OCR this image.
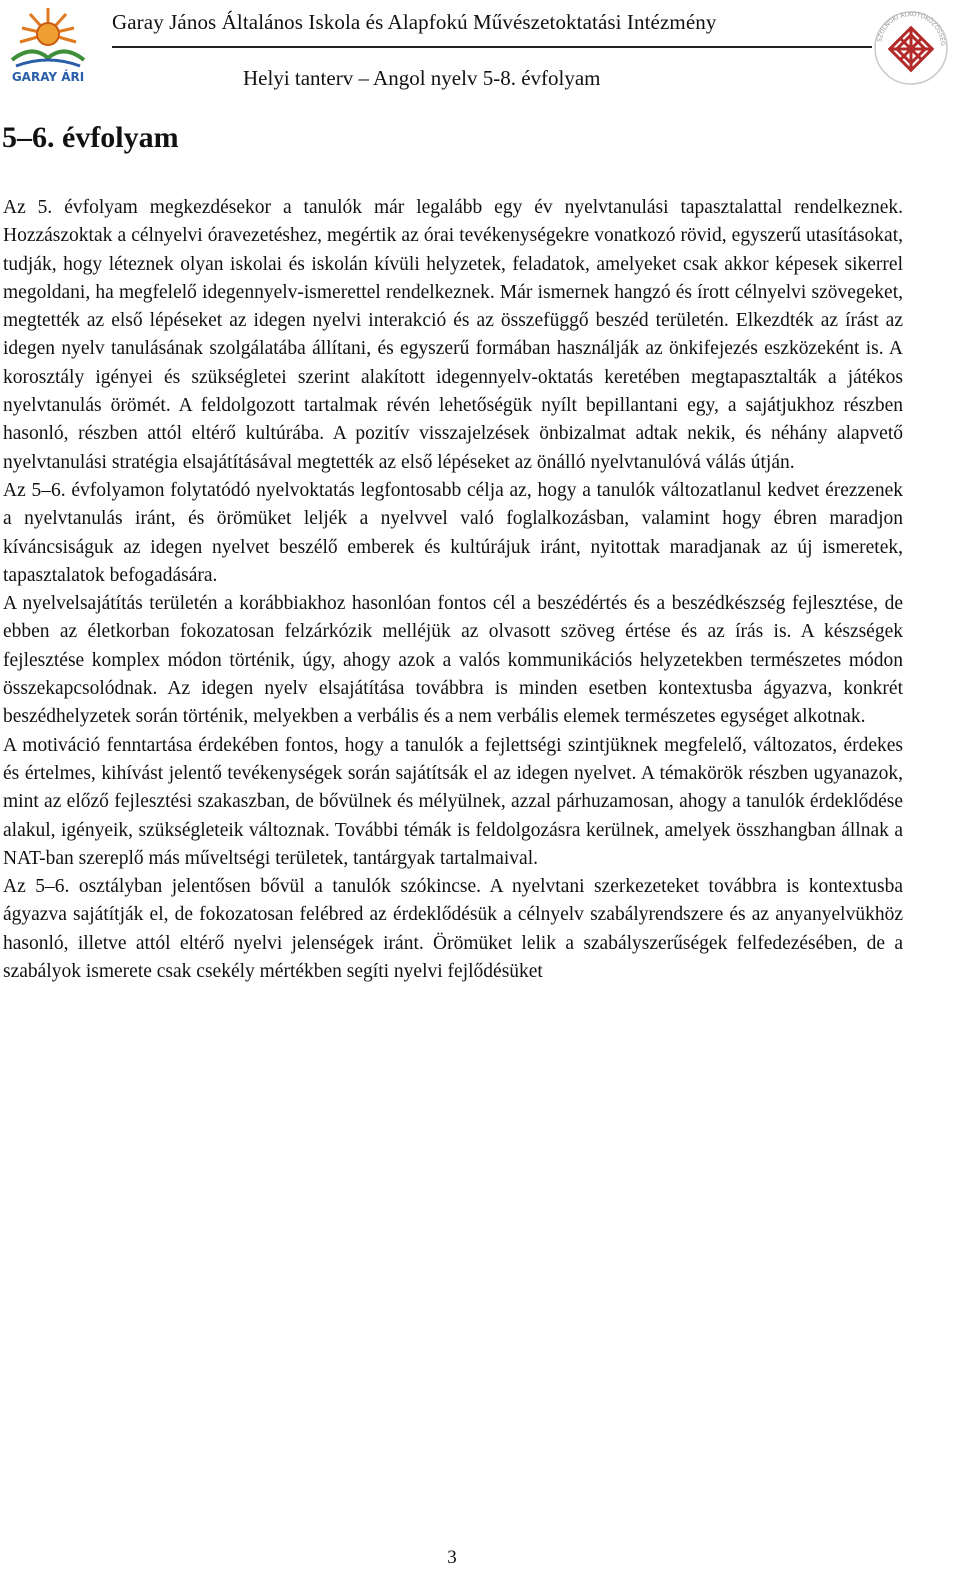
GARAY ÁRI
Garay János Általános Iskola és Alapfokú Művészetoktatási Intézmény
Helyi tanterv – Angol nyelv 5-8. évfolyam
SZOLNOKI ALKOTÓKÖZÖSSÉG
5–6. évfolyam

Az 5. évfolyam megkezdésekor a tanulók már legalább egy év nyelvtanulási tapasztalattal rendelkeznek. Hozzászoktak a célnyelvi óravezetéshez, megértik az órai tevékenységekre vonatkozó rövid, egyszerű utasításokat, tudják, hogy léteznek olyan iskolai és iskolán kívüli helyzetek, feladatok, amelyeket csak akkor képesek sikerrel megoldani, ha megfelelő idegennyelv-ismerettel rendelkeznek. Már ismernek hangzó és írott célnyelvi szövegeket, megtették az első lépéseket az idegen nyelvi interakció és az összefüggő beszéd területén. Elkezdték az írást az idegen nyelv tanulásának szolgálatába állítani, és egyszerű formában használják az önkifejezés eszközeként is. A korosztály igényei és szükségletei szerint alakított idegennyelv-oktatás keretében megtapasztalták a játékos nyelvtanulás örömét. A feldolgozott tartalmak révén lehetőségük nyílt bepillantani egy, a sajátjukhoz részben hasonló, részben attól eltérő kultúrába. A pozitív visszajelzések önbizalmat adtak nekik, és néhány alapvető nyelvtanulási stratégia elsajátításával megtették az első lépéseket az önálló nyelvtanulóvá válás útján.

Az 5–6. évfolyamon folytatódó nyelvoktatás legfontosabb célja az, hogy a tanulók változatlanul kedvet érezzenek a nyelvtanulás iránt, és örömüket leljék a nyelvvel való foglalkozásban, valamint hogy ébren maradjon kíváncsiságuk az idegen nyelvet beszélő emberek és kultúrájuk iránt, nyitottak maradjanak az új ismeretek, tapasztalatok befogadására.

A nyelvelsajátítás területén a korábbiakhoz hasonlóan fontos cél a beszédértés és a beszédkészség fejlesztése, de ebben az életkorban fokozatosan felzárkózik melléjük az olvasott szöveg értése és az írás is. A készségek fejlesztése komplex módon történik, úgy, ahogy azok a valós kommunikációs helyzetekben természetes módon összekapcsolódnak. Az idegen nyelv elsajátítása továbbra is minden esetben kontextusba ágyazva, konkrét beszédhelyzetek során történik, melyekben a verbális és a nem verbális elemek természetes egységet alkotnak.

A motiváció fenntartása érdekében fontos, hogy a tanulók a fejlettségi szintjüknek megfelelő, változatos, érdekes és értelmes, kihívást jelentő tevékenységek során sajátítsák el az idegen nyelvet. A témakörök részben ugyanazok, mint az előző fejlesztési szakaszban, de bővülnek és mélyülnek, azzal párhuzamosan, ahogy a tanulók érdeklődése alakul, igényeik, szükségleteik változnak. További témák is feldolgozásra kerülnek, amelyek összhangban állnak a NAT-ban szereplő más műveltségi területek, tantárgyak tartalmaival.

Az 5–6. osztályban jelentősen bővül a tanulók szókincse. A nyelvtani szerkezeteket továbbra is kontextusba ágyazva sajátítják el, de fokozatosan felébred az érdeklődésük a célnyelv szabályrendszere és az anyanyelvükhöz hasonló, illetve attól eltérő nyelvi jelenségek iránt. Örömüket lelik a szabályszerűségek felfedezésében, de a szabályok ismerete csak csekély mértékben segíti nyelvi fejlődésüket

3
